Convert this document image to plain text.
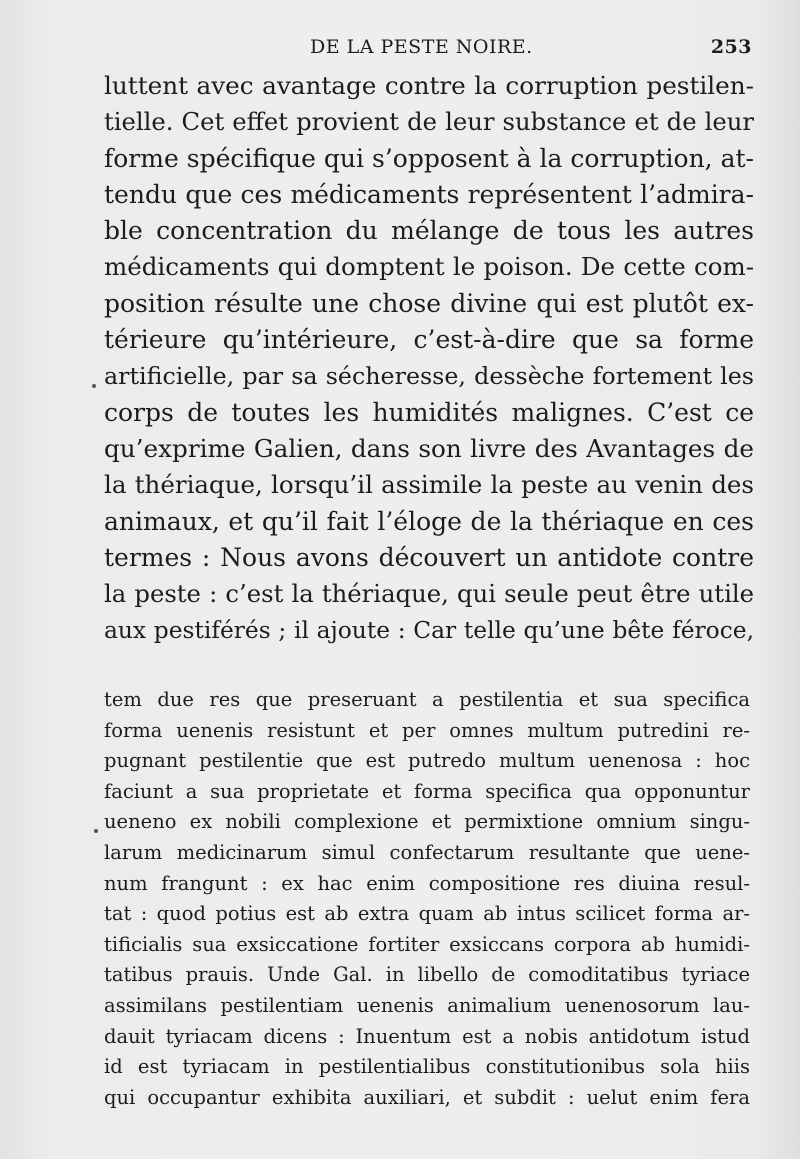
DE LA PESTE NOIRE.	253
luttent avec avantage contre la corruption pestilen-
tielle. Cet effet provient de leur substance et de leur
forme spécifique qui s’opposent à la corruption, at-
tendu que ces médicaments représentent l’admira-
ble concentration du mélange de tous les autres
médicaments qui domptent le poison. De cette com-
position résulte une chose divine qui est plutôt ex-
térieure qu’intérieure, c’est-à-dire que sa forme
artificielle, par sa sécheresse, dessèche fortement les
corps de toutes les humidités malignes. C’est ce
qu’exprime Galien, dans son livre des Avantages de
la thériaque, lorsqu’il assimile la peste au venin des
animaux, et qu’il fait l’éloge de la thériaque en ces
termes : Nous avons découvert un antidote contre
la peste : c’est la thériaque, qui seule peut être utile
aux pestiférés ; il ajoute : Car telle qu’une bête féroce,
tem due res que preseruant a pestilentia et sua specifica
forma uenenis resistunt et per omnes multum putredini re-
pugnant pestilentie que est putredo multum uenenosa : hoc
faciunt a sua proprietate et forma specifica qua opponuntur
ueneno ex nobili complexione et permixtione omnium singu-
larum medicinarum simul confectarum resultante que uene-
num frangunt : ex hac enim compositione res diuina resul-
tat : quod potius est ab extra quam ab intus scilicet forma ar-
tificialis sua exsiccatione fortiter exsiccans corpora ab humidi-
tatibus prauis. Unde Gal. in libello de comoditatibus tyriace
assimilans pestilentiam uenenis animalium uenenosorum lau-
dauit tyriacam dicens : Inuentum est a nobis antidotum istud
id est tyriacam in pestilentialibus constitutionibus sola hiis
qui occupantur exhibita auxiliari, et subdit : uelut enim fera
